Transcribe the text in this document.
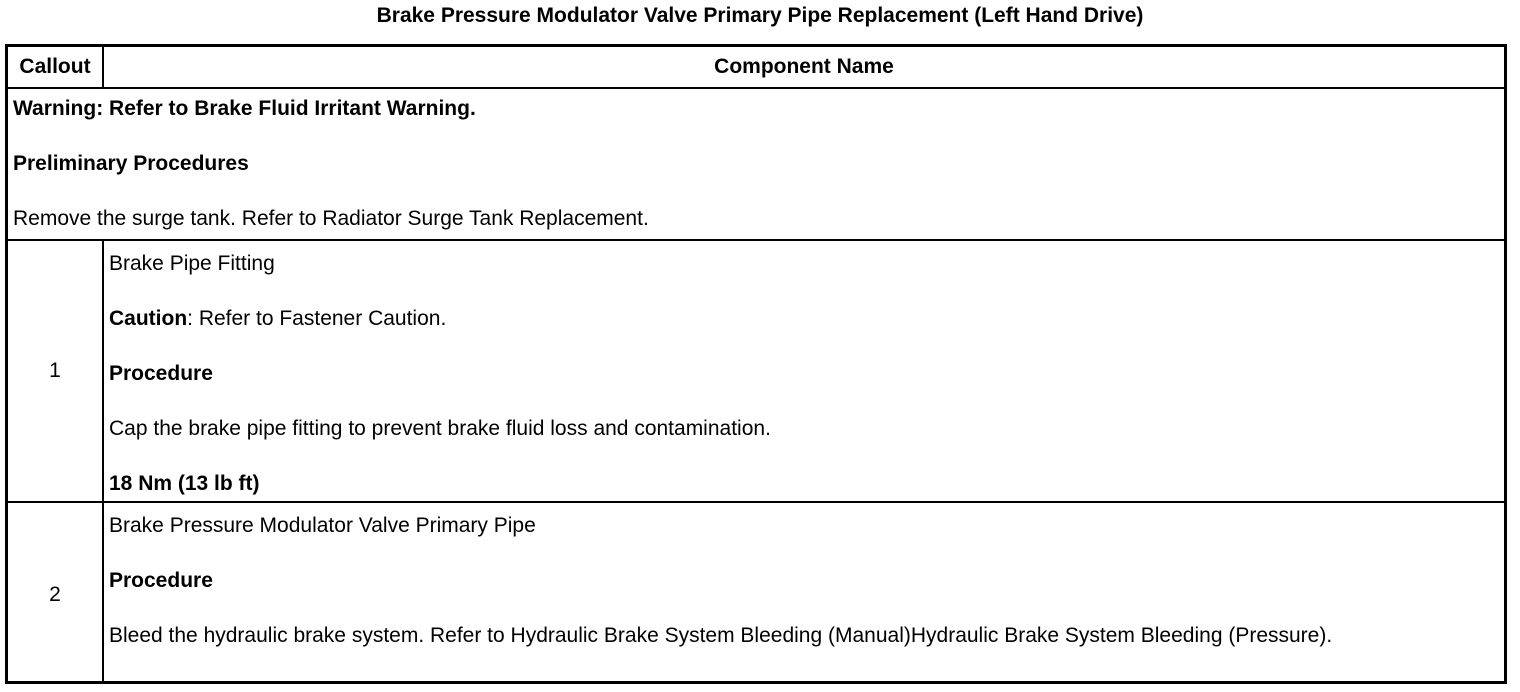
Brake Pressure Modulator Valve Primary Pipe Replacement (Left Hand Drive)
Callout	Component Name

Warning: Refer to Brake Fluid Irritant Warning.

Preliminary Procedures

Remove the surge tank. Refer to Radiator Surge Tank Replacement.

1

Brake Pipe Fitting

Caution: Refer to Fastener Caution.

Procedure

Cap the brake pipe fitting to prevent brake fluid loss and contamination.

18 Nm (13 lb ft)

2

Brake Pressure Modulator Valve Primary Pipe

Procedure

Bleed the hydraulic brake system. Refer to Hydraulic Brake System Bleeding (Manual)Hydraulic Brake System Bleeding (Pressure).
